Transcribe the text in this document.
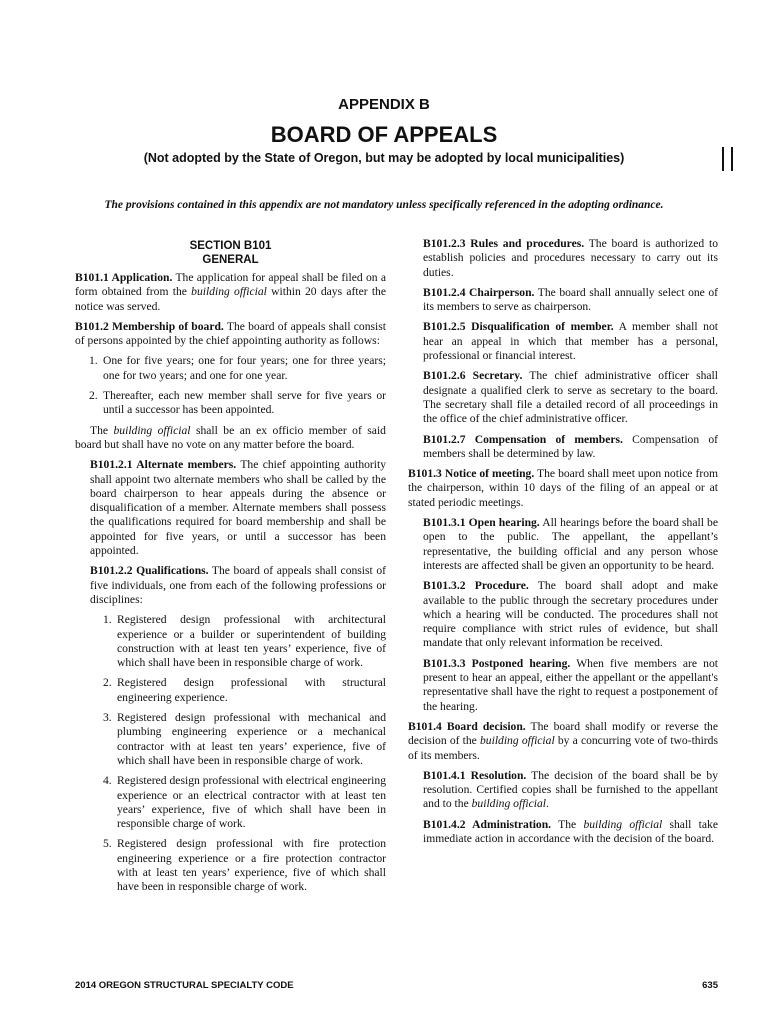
APPENDIX B
BOARD OF APPEALS
(Not adopted by the State of Oregon, but may be adopted by local municipalities)
The provisions contained in this appendix are not mandatory unless specifically referenced in the adopting ordinance.
SECTION B101
GENERAL

B101.1 Application. The application for appeal shall be filed on a form obtained from the building official within 20 days after the notice was served.

B101.2 Membership of board. The board of appeals shall consist of persons appointed by the chief appointing authority as follows:

1. One for five years; one for four years; one for three years; one for two years; and one for one year.
2. Thereafter, each new member shall serve for five years or until a successor has been appointed.

The building official shall be an ex officio member of said board but shall have no vote on any matter before the board.

B101.2.1 Alternate members. The chief appointing authority shall appoint two alternate members who shall be called by the board chairperson to hear appeals during the absence or disqualification of a member. Alternate members shall possess the qualifications required for board membership and shall be appointed for five years, or until a successor has been appointed.

B101.2.2 Qualifications. The board of appeals shall consist of five individuals, one from each of the following professions or disciplines:

1. Registered design professional with architectural experience or a builder or superintendent of building construction with at least ten years’ experience, five of which shall have been in responsible charge of work.
2. Registered design professional with structural engineering experience.
3. Registered design professional with mechanical and plumbing engineering experience or a mechanical contractor with at least ten years’ experience, five of which shall have been in responsible charge of work.
4. Registered design professional with electrical engineering experience or an electrical contractor with at least ten years’ experience, five of which shall have been in responsible charge of work.
5. Registered design professional with fire protection engineering experience or a fire protection contractor with at least ten years’ experience, five of which shall have been in responsible charge of work.

B101.2.3 Rules and procedures. The board is authorized to establish policies and procedures necessary to carry out its duties.

B101.2.4 Chairperson. The board shall annually select one of its members to serve as chairperson.

B101.2.5 Disqualification of member. A member shall not hear an appeal in which that member has a personal, professional or financial interest.

B101.2.6 Secretary. The chief administrative officer shall designate a qualified clerk to serve as secretary to the board. The secretary shall file a detailed record of all proceedings in the office of the chief administrative officer.

B101.2.7 Compensation of members. Compensation of members shall be determined by law.

B101.3 Notice of meeting. The board shall meet upon notice from the chairperson, within 10 days of the filing of an appeal or at stated periodic meetings.

B101.3.1 Open hearing. All hearings before the board shall be open to the public. The appellant, the appellant’s representative, the building official and any person whose interests are affected shall be given an opportunity to be heard.

B101.3.2 Procedure. The board shall adopt and make available to the public through the secretary procedures under which a hearing will be conducted. The procedures shall not require compliance with strict rules of evidence, but shall mandate that only relevant information be received.

B101.3.3 Postponed hearing. When five members are not present to hear an appeal, either the appellant or the appellant's representative shall have the right to request a postponement of the hearing.

B101.4 Board decision. The board shall modify or reverse the decision of the building official by a concurring vote of two-thirds of its members.

B101.4.1 Resolution. The decision of the board shall be by resolution. Certified copies shall be furnished to the appellant and to the building official.

B101.4.2 Administration. The building official shall take immediate action in accordance with the decision of the board.

2014 OREGON STRUCTURAL SPECIALTY CODE	635
